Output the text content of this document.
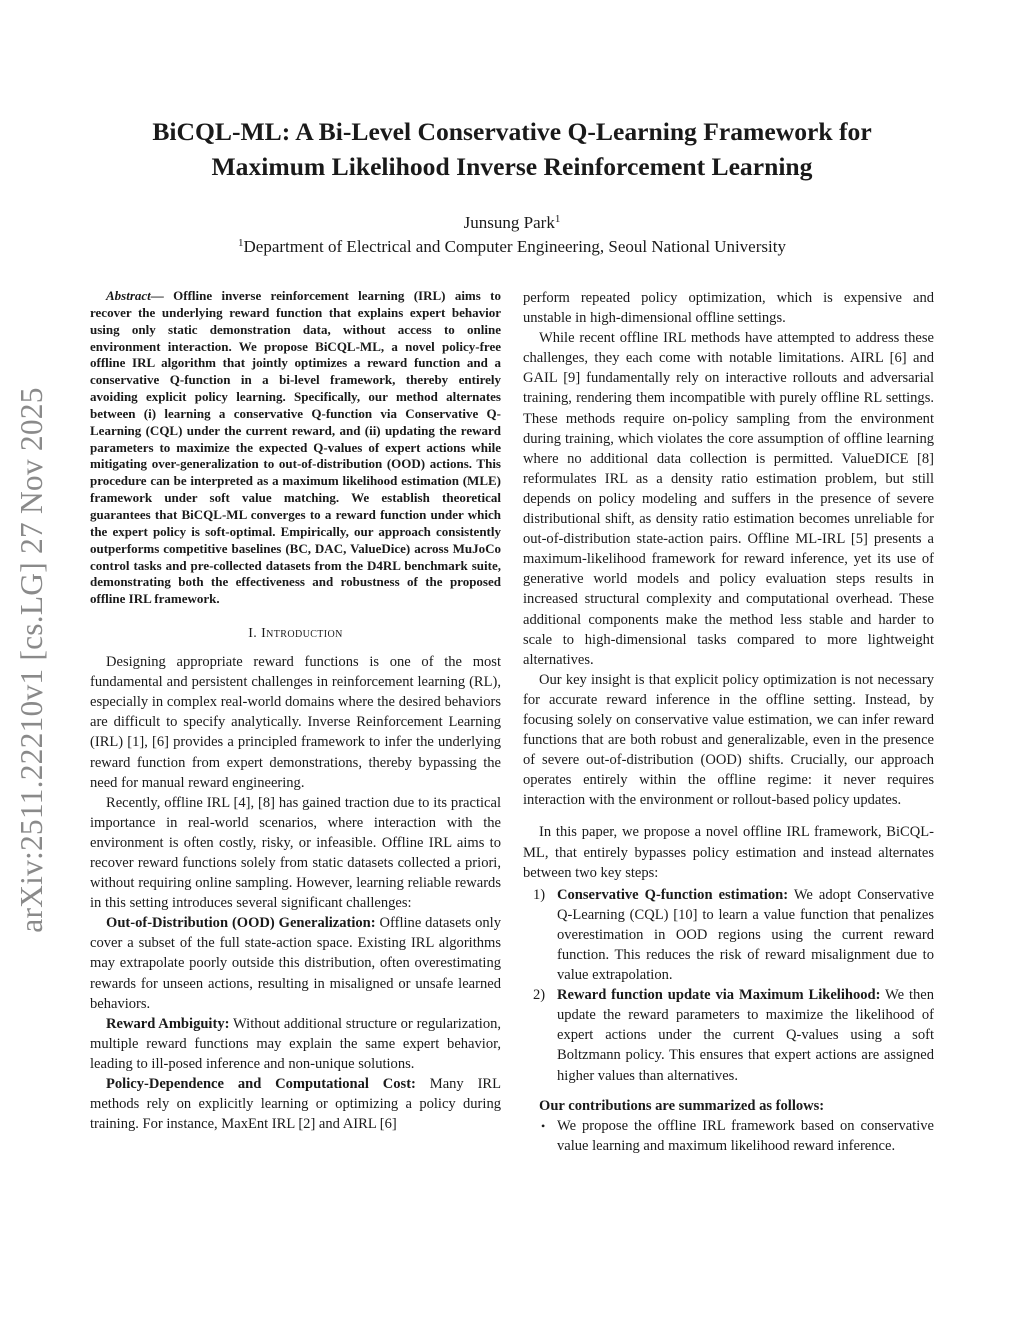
arXiv:2511.22210v1 [cs.LG] 27 Nov 2025
BiCQL-ML: A Bi-Level Conservative Q-Learning Framework for
Maximum Likelihood Inverse Reinforcement Learning
Junsung Park$^1$
$^1$Department of Electrical and Computer Engineering, Seoul National University

Abstract— Offline inverse reinforcement learning (IRL) aims to recover the underlying reward function that explains expert behavior using only static demonstration data, without access to online environment interaction. We propose BiCQL-ML, a novel policy-free offline IRL algorithm that jointly optimizes a reward function and a conservative Q-function in a bi-level framework, thereby entirely avoiding explicit policy learning. Specifically, our method alternates between (i) learning a conservative Q-function via Conservative Q-Learning (CQL) under the current reward, and (ii) updating the reward parameters to maximize the expected Q-values of expert actions while mitigating over-generalization to out-of-distribution (OOD) actions. This procedure can be interpreted as a maximum likelihood estimation (MLE) framework under soft value matching. We establish theoretical guarantees that BiCQL-ML converges to a reward function under which the expert policy is soft-optimal. Empirically, our approach consistently outperforms competitive baselines (BC, DAC, ValueDice) across MuJoCo control tasks and pre-collected datasets from the D4RL benchmark suite, demonstrating both the effectiveness and robustness of the proposed offline IRL framework.

I. Introduction

Designing appropriate reward functions is one of the most fundamental and persistent challenges in reinforcement learning (RL), especially in complex real-world domains where the desired behaviors are difficult to specify analytically. Inverse Reinforcement Learning (IRL) [1], [6] provides a principled framework to infer the underlying reward function from expert demonstrations, thereby bypassing the need for manual reward engineering.

Recently, offline IRL [4], [8] has gained traction due to its practical importance in real-world scenarios, where interaction with the environment is often costly, risky, or infeasible. Offline IRL aims to recover reward functions solely from static datasets collected a priori, without requiring online sampling. However, learning reliable rewards in this setting introduces several significant challenges:

Out-of-Distribution (OOD) Generalization: Offline datasets only cover a subset of the full state-action space. Existing IRL algorithms may extrapolate poorly outside this distribution, often overestimating rewards for unseen actions, resulting in misaligned or unsafe learned behaviors.

Reward Ambiguity: Without additional structure or regularization, multiple reward functions may explain the same expert behavior, leading to ill-posed inference and non-unique solutions.

Policy-Dependence and Computational Cost: Many IRL methods rely on explicitly learning or optimizing a policy during training. For instance, MaxEnt IRL [2] and AIRL [6]

perform repeated policy optimization, which is expensive and unstable in high-dimensional offline settings.

While recent offline IRL methods have attempted to address these challenges, they each come with notable limitations. AIRL [6] and GAIL [9] fundamentally rely on interactive rollouts and adversarial training, rendering them incompatible with purely offline RL settings. These methods require on-policy sampling from the environment during training, which violates the core assumption of offline learning where no additional data collection is permitted. ValueDICE [8] reformulates IRL as a density ratio estimation problem, but still depends on policy modeling and suffers in the presence of severe distributional shift, as density ratio estimation becomes unreliable for out-of-distribution state-action pairs. Offline ML-IRL [5] presents a maximum-likelihood framework for reward inference, yet its use of generative world models and policy evaluation steps results in increased structural complexity and computational overhead. These additional components make the method less stable and harder to scale to high-dimensional tasks compared to more lightweight alternatives.

Our key insight is that explicit policy optimization is not necessary for accurate reward inference in the offline setting. Instead, by focusing solely on conservative value estimation, we can infer reward functions that are both robust and generalizable, even in the presence of severe out-of-distribution (OOD) shifts. Crucially, our approach operates entirely within the offline regime: it never requires interaction with the environment or rollout-based policy updates.

In this paper, we propose a novel offline IRL framework, BiCQL-ML, that entirely bypasses policy estimation and instead alternates between two key steps:

1) Conservative Q-function estimation: We adopt Conservative Q-Learning (CQL) [10] to learn a value function that penalizes overestimation in OOD regions using the current reward function. This reduces the risk of reward misalignment due to value extrapolation.
2) Reward function update via Maximum Likelihood: We then update the reward parameters to maximize the likelihood of expert actions under the current Q-values using a soft Boltzmann policy. This ensures that expert actions are assigned higher values than alternatives.
Our contributions are summarized as follows:
• We propose the offline IRL framework based on conservative value learning and maximum likelihood reward inference.
